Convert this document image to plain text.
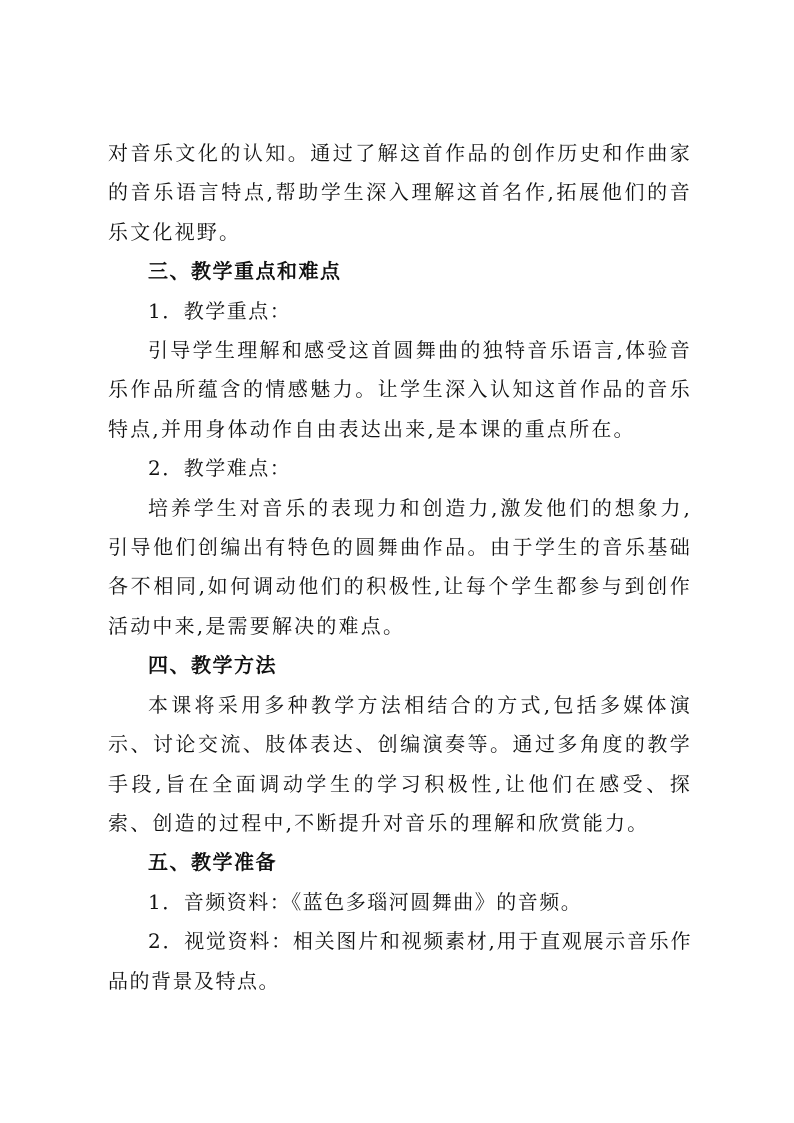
对音乐文化的认知。通过了解这首作品的创作历史和作曲家的音乐语言特点,帮助学生深入理解这首名作,拓展他们的音乐文化视野。

三、教学重点和难点

1．教学重点：

引导学生理解和感受这首圆舞曲的独特音乐语言,体验音乐作品所蕴含的情感魅力。让学生深入认知这首作品的音乐特点,并用身体动作自由表达出来,是本课的重点所在。

2．教学难点：

培养学生对音乐的表现力和创造力,激发他们的想象力,引导他们创编出有特色的圆舞曲作品。由于学生的音乐基础各不相同,如何调动他们的积极性,让每个学生都参与到创作活动中来,是需要解决的难点。

四、教学方法

本课将采用多种教学方法相结合的方式,包括多媒体演示、讨论交流、肢体表达、创编演奏等。通过多角度的教学手段,旨在全面调动学生的学习积极性,让他们在感受、探索、创造的过程中,不断提升对音乐的理解和欣赏能力。

五、教学准备

1．音频资料：《蓝色多瑙河圆舞曲》的音频。

2．视觉资料：相关图片和视频素材,用于直观展示音乐作品的背景及特点。
